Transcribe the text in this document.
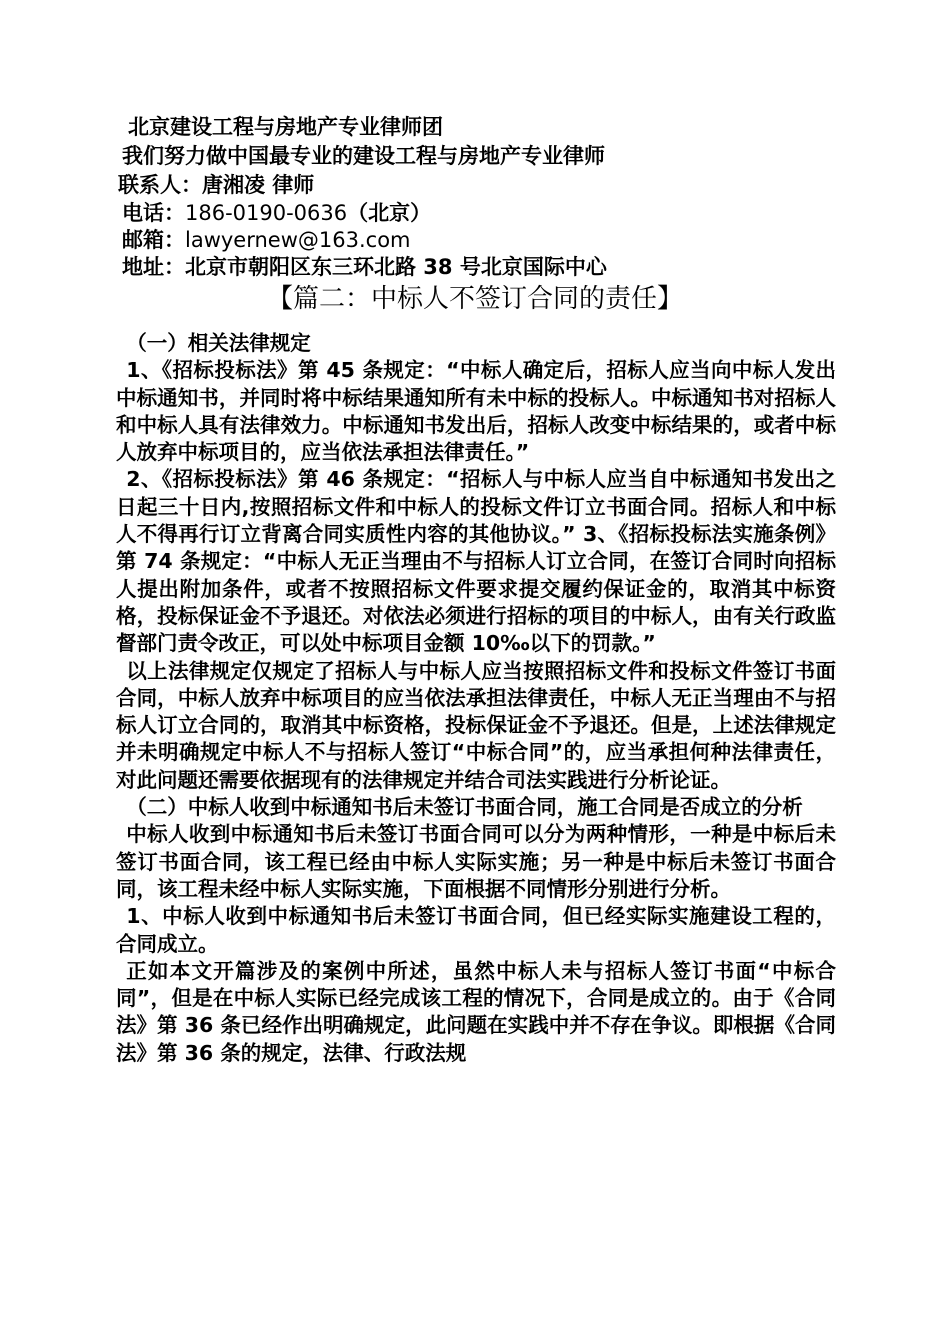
北京建设工程与房地产专业律师团
我们努力做中国最专业的建设工程与房地产专业律师
联系人：唐湘凌 律师
电话：186-0190-0636（北京）
邮箱：lawyernew@163.com
地址：北京市朝阳区东三环北路 38 号北京国际中心
【篇二：中标人不签订合同的责任】

（一）相关法律规定

1、《招标投标法》第 45 条规定：“中标人确定后，招标人应当向中标人发出中标通知书，并同时将中标结果通知所有未中标的投标人。中标通知书对招标人和中标人具有法律效力。中标通知书发出后，招标人改变中标结果的，或者中标人放弃中标项目的，应当依法承担法律责任。”

2、《招标投标法》第 46 条规定：“招标人与中标人应当自中标通知书发出之日起三十日内,按照招标文件和中标人的投标文件订立书面合同。招标人和中标人不得再行订立背离合同实质性内容的其他协议。” 3、《招标投标法实施条例》第 74 条规定：“中标人无正当理由不与招标人订立合同，在签订合同时向招标人提出附加条件，或者不按照招标文件要求提交履约保证金的，取消其中标资格，投标保证金不予退还。对依法必须进行招标的项目的中标人，由有关行政监督部门责令改正，可以处中标项目金额 10‰以下的罚款。”

以上法律规定仅规定了招标人与中标人应当按照招标文件和投标文件签订书面合同，中标人放弃中标项目的应当依法承担法律责任，中标人无正当理由不与招标人订立合同的，取消其中标资格，投标保证金不予退还。但是，上述法律规定并未明确规定中标人不与招标人签订“中标合同”的，应当承担何种法律责任，对此问题还需要依据现有的法律规定并结合司法实践进行分析论证。

（二）中标人收到中标通知书后未签订书面合同，施工合同是否成立的分析

中标人收到中标通知书后未签订书面合同可以分为两种情形，一种是中标后未签订书面合同，该工程已经由中标人实际实施；另一种是中标后未签订书面合同，该工程未经中标人实际实施，下面根据不同情形分别进行分析。

1、中标人收到中标通知书后未签订书面合同，但已经实际实施建设工程的，合同成立。

正如本文开篇涉及的案例中所述，虽然中标人未与招标人签订书面“中标合同”，但是在中标人实际已经完成该工程的情况下，合同是成立的。由于《合同法》第 36 条已经作出明确规定，此问题在实践中并不存在争议。即根据《合同法》第 36 条的规定，法律、行政法规
